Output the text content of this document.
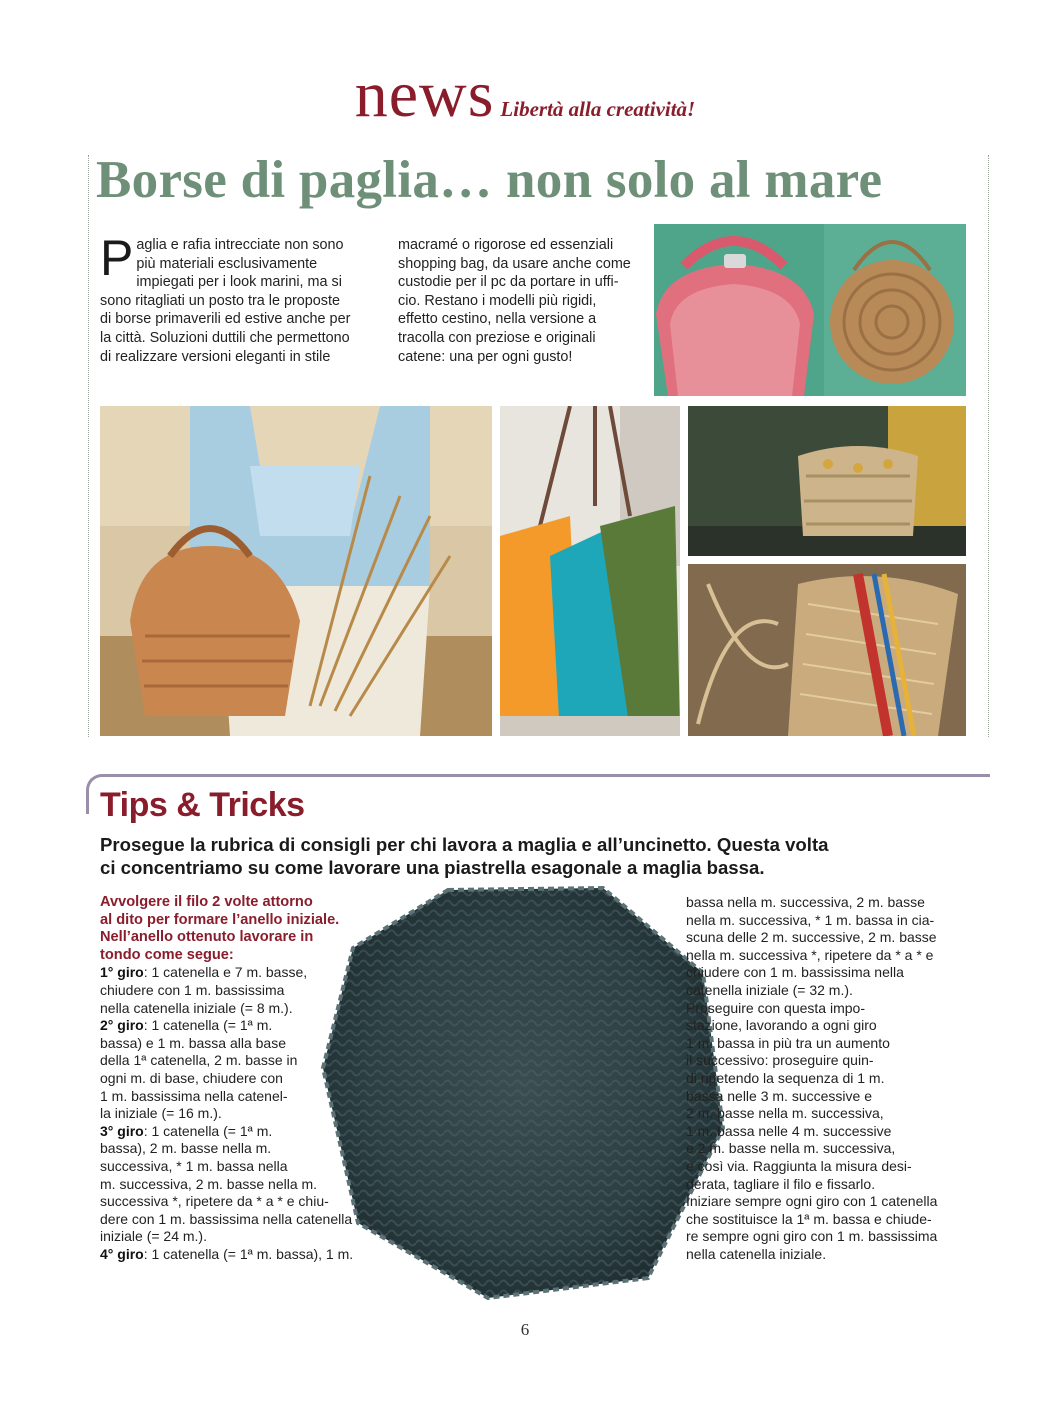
news Libertà alla creatività!
Borse di paglia… non solo al mare
P aglia e rafia intrecciate non sono
più materiali esclusivamente
impiegati per i look marini, ma si
sono ritagliati un posto tra le proposte
di borse primaverili ed estive anche per
la città. Soluzioni duttili che permettono
di realizzare versioni eleganti in stile
macramé o rigorose ed essenziali
shopping bag, da usare anche come
custodie per il pc da portare in uffi-
cio. Restano i modelli più rigidi,
effetto cestino, nella versione a
tracolla con preziose e originali
catene: una per ogni gusto!
Tips & Tricks
Prosegue la rubrica di consigli per chi lavora a maglia e all’uncinetto. Questa volta
ci concentriamo su come lavorare una piastrella esagonale a maglia bassa.
Avvolgere il filo 2 volte attorno
al dito per formare l’anello iniziale.
Nell’anello ottenuto lavorare in
tondo come segue:
1° giro: 1 catenella e 7 m. basse,
chiudere con 1 m. bassissima
nella catenella iniziale (= 8 m.).
2° giro: 1 catenella (= 1ª m.
bassa) e 1 m. bassa alla base
della 1ª catenella, 2 m. basse in
ogni m. di base, chiudere con
1 m. bassissima nella catenel-
la iniziale (= 16 m.).
3° giro: 1 catenella (= 1ª m.
bassa), 2 m. basse nella m.
successiva, * 1 m. bassa nella
m. successiva, 2 m. basse nella m.
successiva *, ripetere da * a * e chiu-
dere con 1 m. bassissima nella catenella
iniziale (= 24 m.).
4° giro: 1 catenella (= 1ª m. bassa), 1 m.
bassa nella m. successiva, 2 m. basse
nella m. successiva, * 1 m. bassa in cia-
scuna delle 2 m. successive, 2 m. basse
nella m. successiva *, ripetere da * a * e
chiudere con 1 m. bassissima nella
catenella iniziale (= 32 m.).
Proseguire con questa impo-
stazione, lavorando a ogni giro
1 m. bassa in più tra un aumento
il successivo: proseguire quin-
di ripetendo la sequenza di 1 m.
bassa nelle 3 m. successive e
2 m. basse nella m. successiva,
1 m. bassa nelle 4 m. successive
e 2 m. basse nella m. successiva,
e così via. Raggiunta la misura desi-
derata, tagliare il filo e fissarlo.
Iniziare sempre ogni giro con 1 catenella
che sostituisce la 1ª m. bassa e chiude-
re sempre ogni giro con 1 m. bassissima
nella catenella iniziale.
6
